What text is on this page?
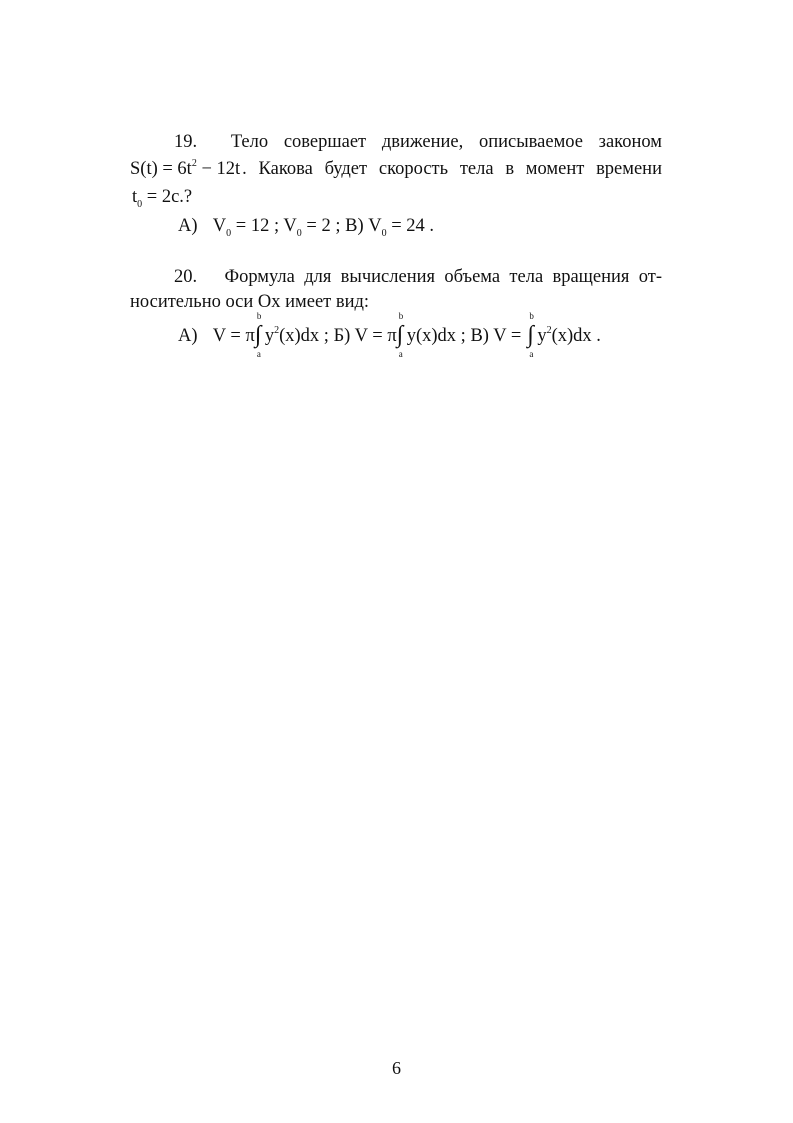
19. Тело совершает движение, описываемое законом
$S(t) = 6t^2 - 12t$ . Какова будет скорость тела в момент времени
$t_0 = 2с$.?
А) $V_0 = 12$ ; $V_0 = 2$ ; В) $V_0 = 24$ .
20. Формула для вычисления объема тела вращения от-
носительно оси Ох имеет вид:
А) V = π
b
∫
a
$y^2(x)dx$ ; Б) V = π
b
∫
a
y(x)dx ; В) V =
b
∫
a
$y^2(x)dx$ .
6
